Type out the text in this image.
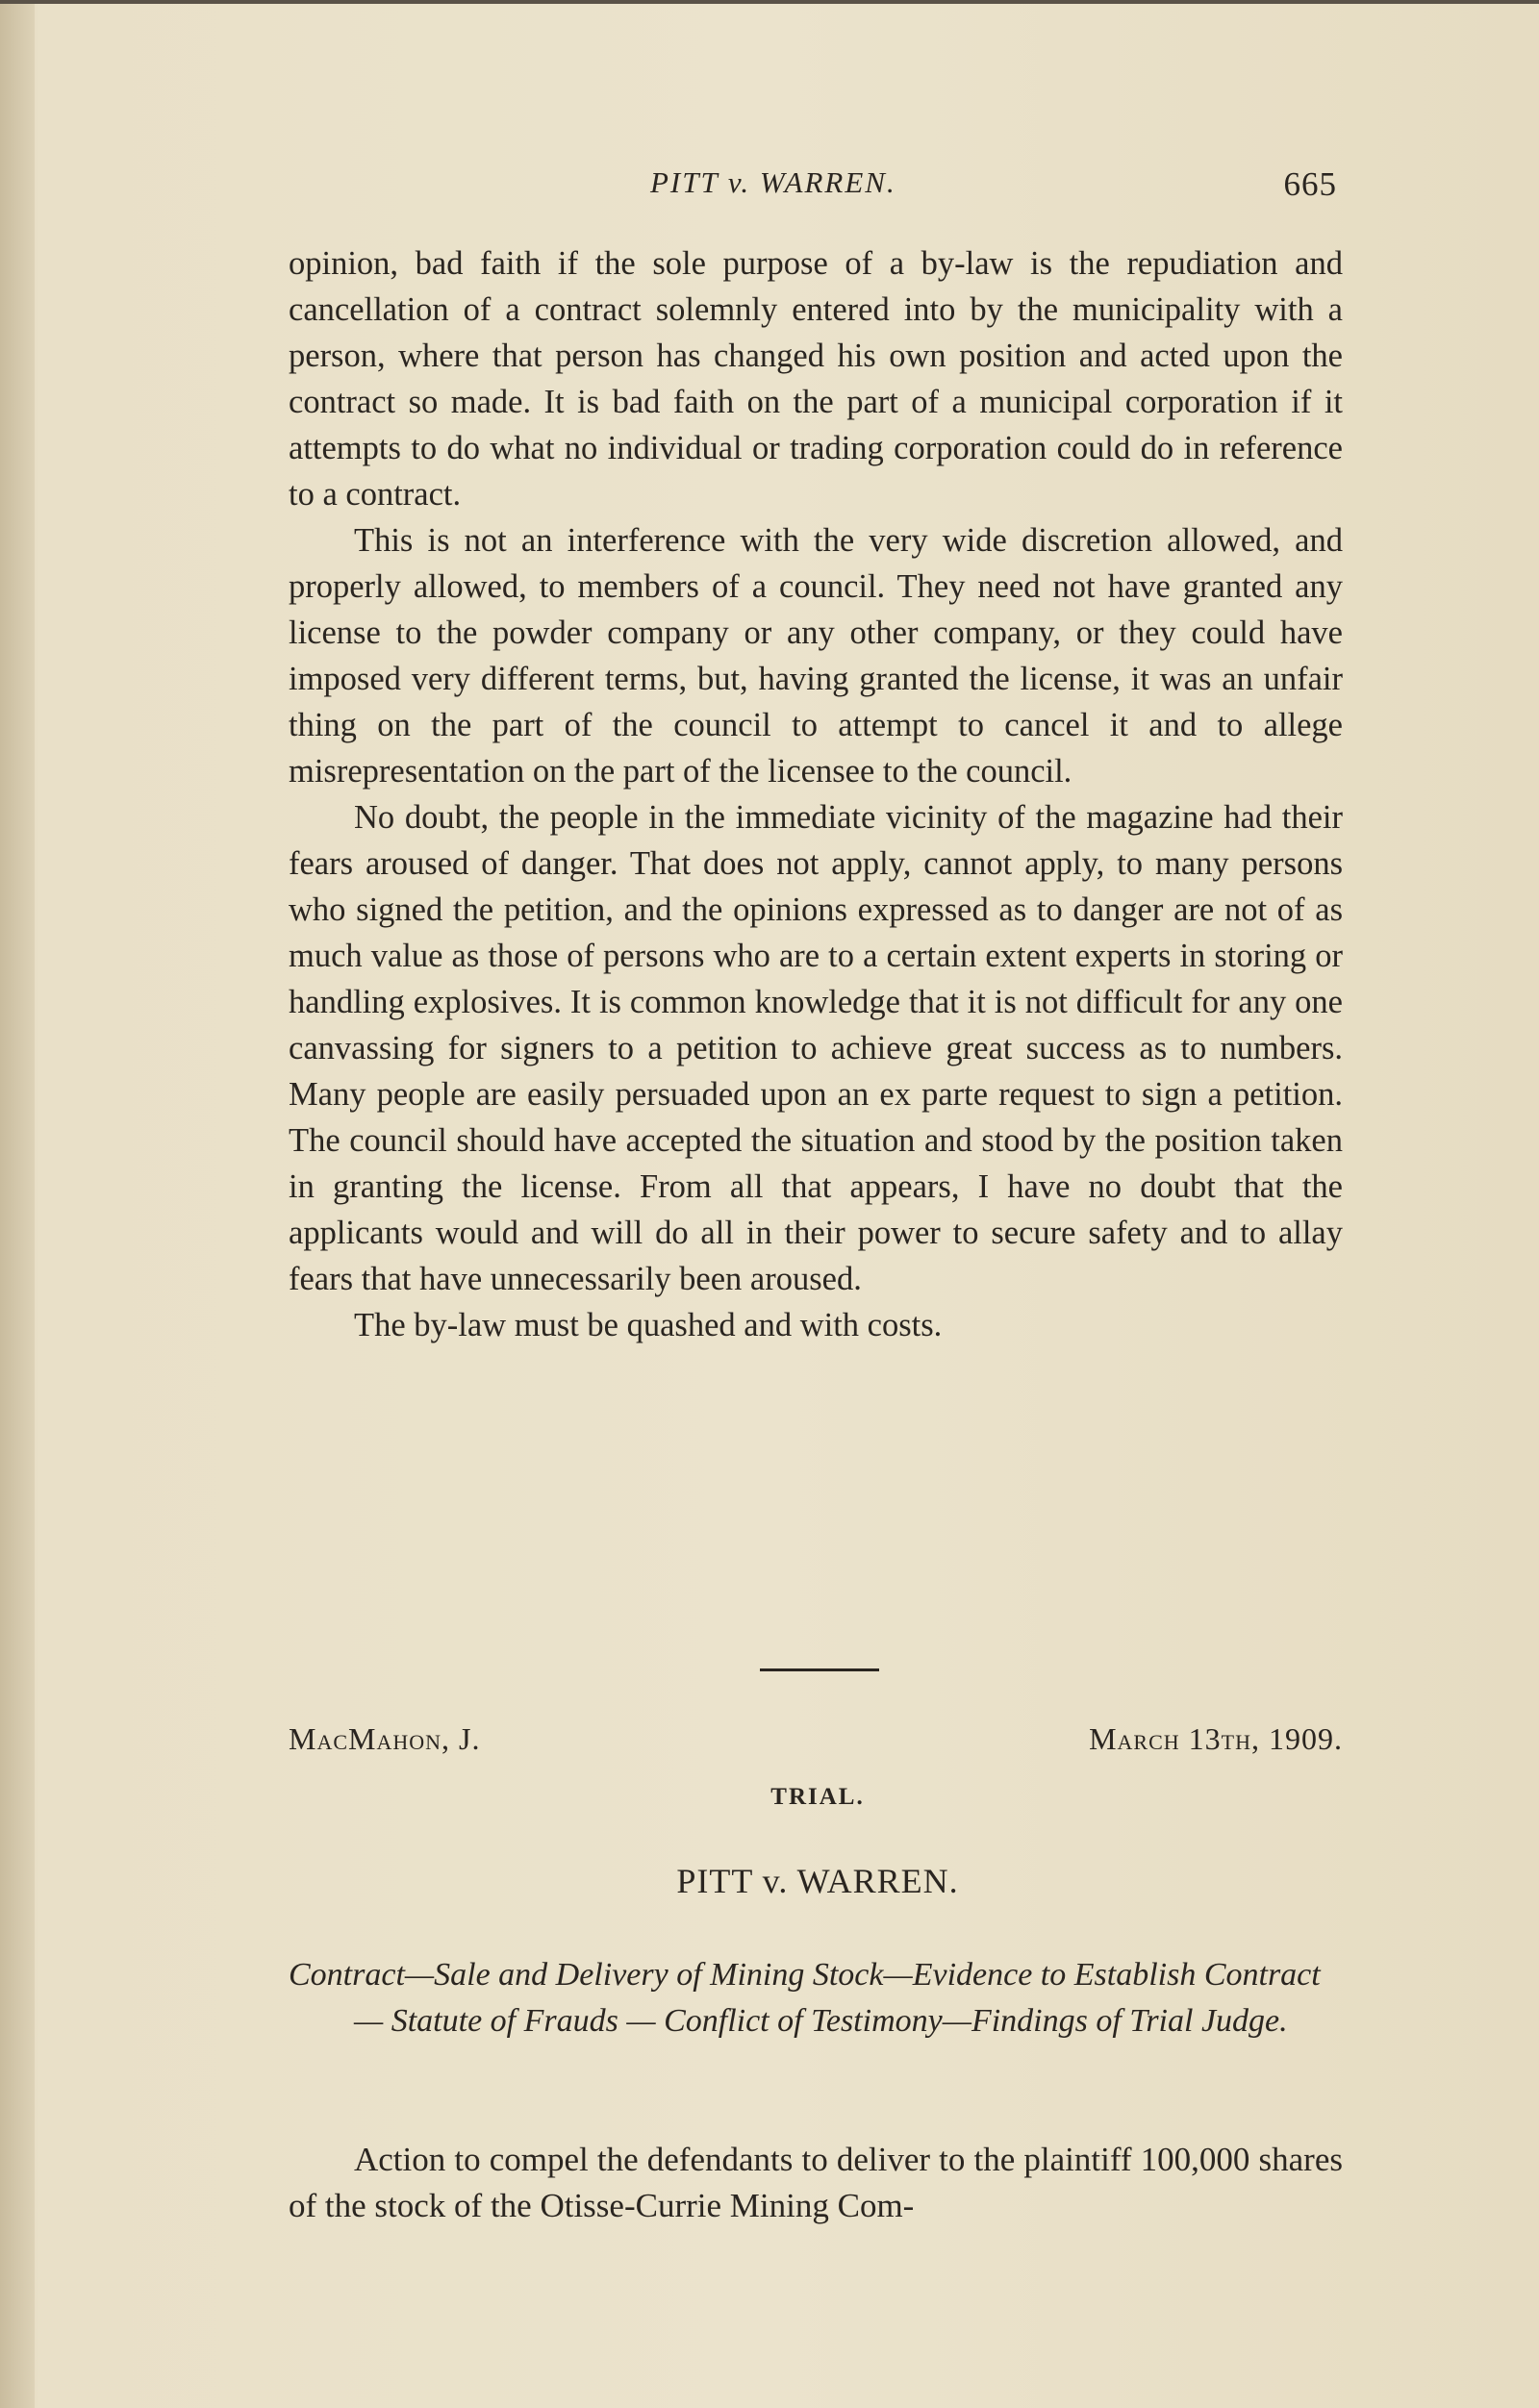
PITT v. WARREN.	665

opinion, bad faith if the sole purpose of a by-law is the repudiation and cancellation of a contract solemnly entered into by the municipality with a person, where that person has changed his own position and acted upon the contract so made. It is bad faith on the part of a municipal corporation if it attempts to do what no individual or trading corporation could do in reference to a contract.

This is not an interference with the very wide discretion allowed, and properly allowed, to members of a council. They need not have granted any license to the powder company or any other company, or they could have imposed very different terms, but, having granted the license, it was an unfair thing on the part of the council to attempt to cancel it and to allege misrepresentation on the part of the licensee to the council.

No doubt, the people in the immediate vicinity of the magazine had their fears aroused of danger. That does not apply, cannot apply, to many persons who signed the petition, and the opinions expressed as to danger are not of as much value as those of persons who are to a certain extent experts in storing or handling explosives. It is common knowledge that it is not difficult for any one canvassing for signers to a petition to achieve great success as to numbers. Many people are easily persuaded upon an ex parte request to sign a petition. The council should have accepted the situation and stood by the position taken in granting the license. From all that appears, I have no doubt that the applicants would and will do all in their power to secure safety and to allay fears that have unnecessarily been aroused.

The by-law must be quashed and with costs.

MacMahon, J.	March 13th, 1909.
TRIAL.
PITT v. WARREN.
Contract—Sale and Delivery of Mining Stock—Evidence to Establish Contract — Statute of Frauds — Conflict of Testimony—Findings of Trial Judge.
Action to compel the defendants to deliver to the plaintiff 100,000 shares of the stock of the Otisse-Currie Mining Com-
